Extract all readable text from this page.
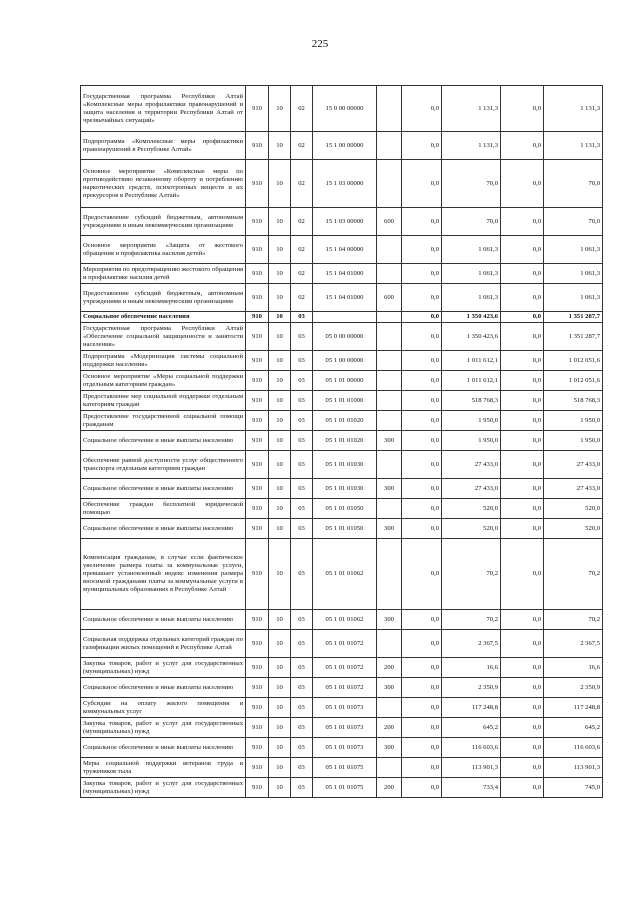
225
Государственная программа Республики Алтай «Комплексные меры профилактики правонарушений и защита населения и территории Республики Алтай от чрезвычайных ситуаций»	910	10	02	15 0 00 00000		0,0	1 131,3	0,0	1 131,3
Подпрограмма «Комплексные меры профилактики правонарушений в Республике Алтай»	910	10	02	15 1 00 00000		0,0	1 131,3	0,0	1 131,3
Основное мероприятие «Комплексные меры по противодействию незаконному обороту и потреблению наркотических средств, психотропных веществ и их прекурсоров в Республике Алтай»	910	10	02	15 1 03 00000		0,0	70,0	0,0	70,0
Предоставление субсидий бюджетным, автономным учреждениям и иным некоммерческим организациям	910	10	02	15 1 03 00000	600	0,0	70,0	0,0	70,0
Основное мероприятие «Защита от жестокого обращения и профилактика насилия детей»	910	10	02	15 1 04 00000		0,0	1 061,3	0,0	1 061,3
Мероприятия по предотвращению жестокого обращения и профилактике насилия детей	910	10	02	15 1 04 01000		0,0	1 061,3	0,0	1 061,3
Предоставление субсидий бюджетным, автономным учреждениям и иным некоммерческим организациям	910	10	02	15 1 04 01000	600	0,0	1 061,3	0,0	1 061,3
Социальное обеспечение населения	910	10	03			0,0	1 350 423,6	0,0	1 351 287,7
Государственная программа Республики Алтай «Обеспечение социальной защищенности и занятости населения»	910	10	03	05 0 00 00000		0,0	1 350 423,6	0,0	1 351 287,7
Подпрограмма «Модернизация системы социальной поддержки населения»	910	10	03	05 1 00 00000		0,0	1 011 612,1	0,0	1 012 051,6
Основное мероприятие «Меры социальной поддержки отдельным категориям граждан»	910	10	03	05 1 01 00000		0,0	1 011 612,1	0,0	1 012 051,6
Предоставление мер социальной поддержки отдельным категориям граждан	910	10	03	05 1 01 01000		0,0	518 768,3	0,0	518 768,3
Предоставление государственной социальной помощи гражданам	910	10	03	05 1 01 01020		0,0	1 950,0	0,0	1 950,0
Социальное обеспечение и иные выплаты населению	910	10	03	05 1 01 01020	300	0,0	1 950,0	0,0	1 950,0
Обеспечение равной доступности услуг общественного транспорта отдельным категориям граждан	910	10	03	05 1 01 01030		0,0	27 433,0	0,0	27 433,0
Социальное обеспечение и иные выплаты населению	910	10	03	05 1 01 01030	300	0,0	27 433,0	0,0	27 433,0
Обеспечение граждан бесплатной юридической помощью	910	10	03	05 1 01 01050		0,0	520,0	0,0	520,0
Социальное обеспечение и иные выплаты населению	910	10	03	05 1 01 01050	300	0,0	520,0	0,0	520,0
Компенсация гражданам, в случае если фактическое увеличение размера платы за коммунальные услуги, превышает установленный индекс изменения размера вносимой гражданами платы за коммунальные услуги в муниципальных образованиях в Республике Алтай	910	10	03	05 1 01 01062		0,0	70,2	0,0	70,2
Социальное обеспечение и иные выплаты населению	910	10	03	05 1 01 01062	300	0,0	70,2	0,0	70,2
Социальная поддержка отдельных категорий граждан по газификации жилых помещений в Республике Алтай	910	10	03	05 1 01 01072		0,0	2 367,5	0,0	2 367,5
Закупка товаров, работ и услуг для государственных (муниципальных) нужд	910	10	03	05 1 01 01072	200	0,0	16,6	0,0	16,6
Социальное обеспечение и иные выплаты населению	910	10	03	05 1 01 01072	300	0,0	2 350,9	0,0	2 350,9
Субсидии на оплату жилого помещения и коммунальных услуг	910	10	03	05 1 01 01073		0,0	117 248,8	0,0	117 248,8
Закупка товаров, работ и услуг для государственных (муниципальных) нужд	910	10	03	05 1 01 01073	200	0,0	645,2	0,0	645,2
Социальное обеспечение и иные выплаты населению	910	10	03	05 1 01 01073	300	0,0	116 603,6	0,0	116 603,6
Меры социальной поддержки ветеранов труда и тружеников тыла	910	10	03	05 1 01 01075		0,0	113 901,3	0,0	113 901,3
Закупка товаров, работ и услуг для государственных (муниципальных) нужд	910	10	03	05 1 01 01075	200	0,0	733,4	0,0	745,0
